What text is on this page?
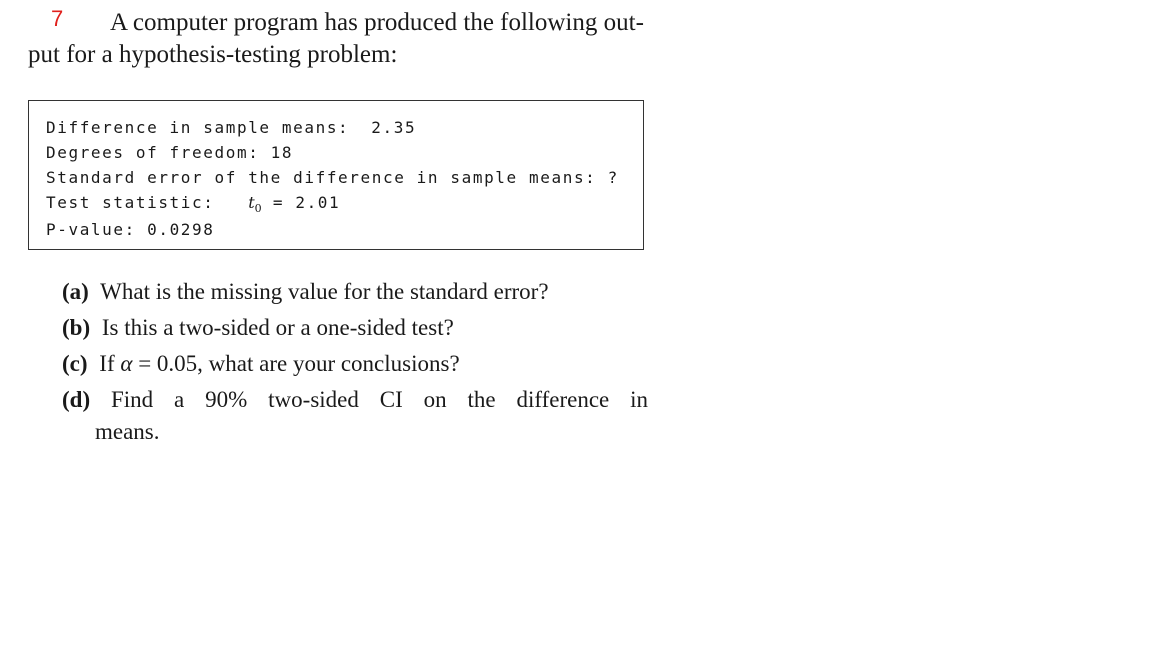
A computer program has produced the following out-
put for a hypothesis-testing problem:
7
Difference in sample means: 2.35
Degrees of freedom: 18
Standard error of the difference in sample means: ?
Test statistic: $t_0 = 2.01$
P-value: 0.0298
(a) What is the missing value for the standard error?
(b) Is this a two-sided or a one-sided test?
(c) If α = 0.05, what are your conclusions?
(d) Find a 90% two-sided CI on the difference in
means.
